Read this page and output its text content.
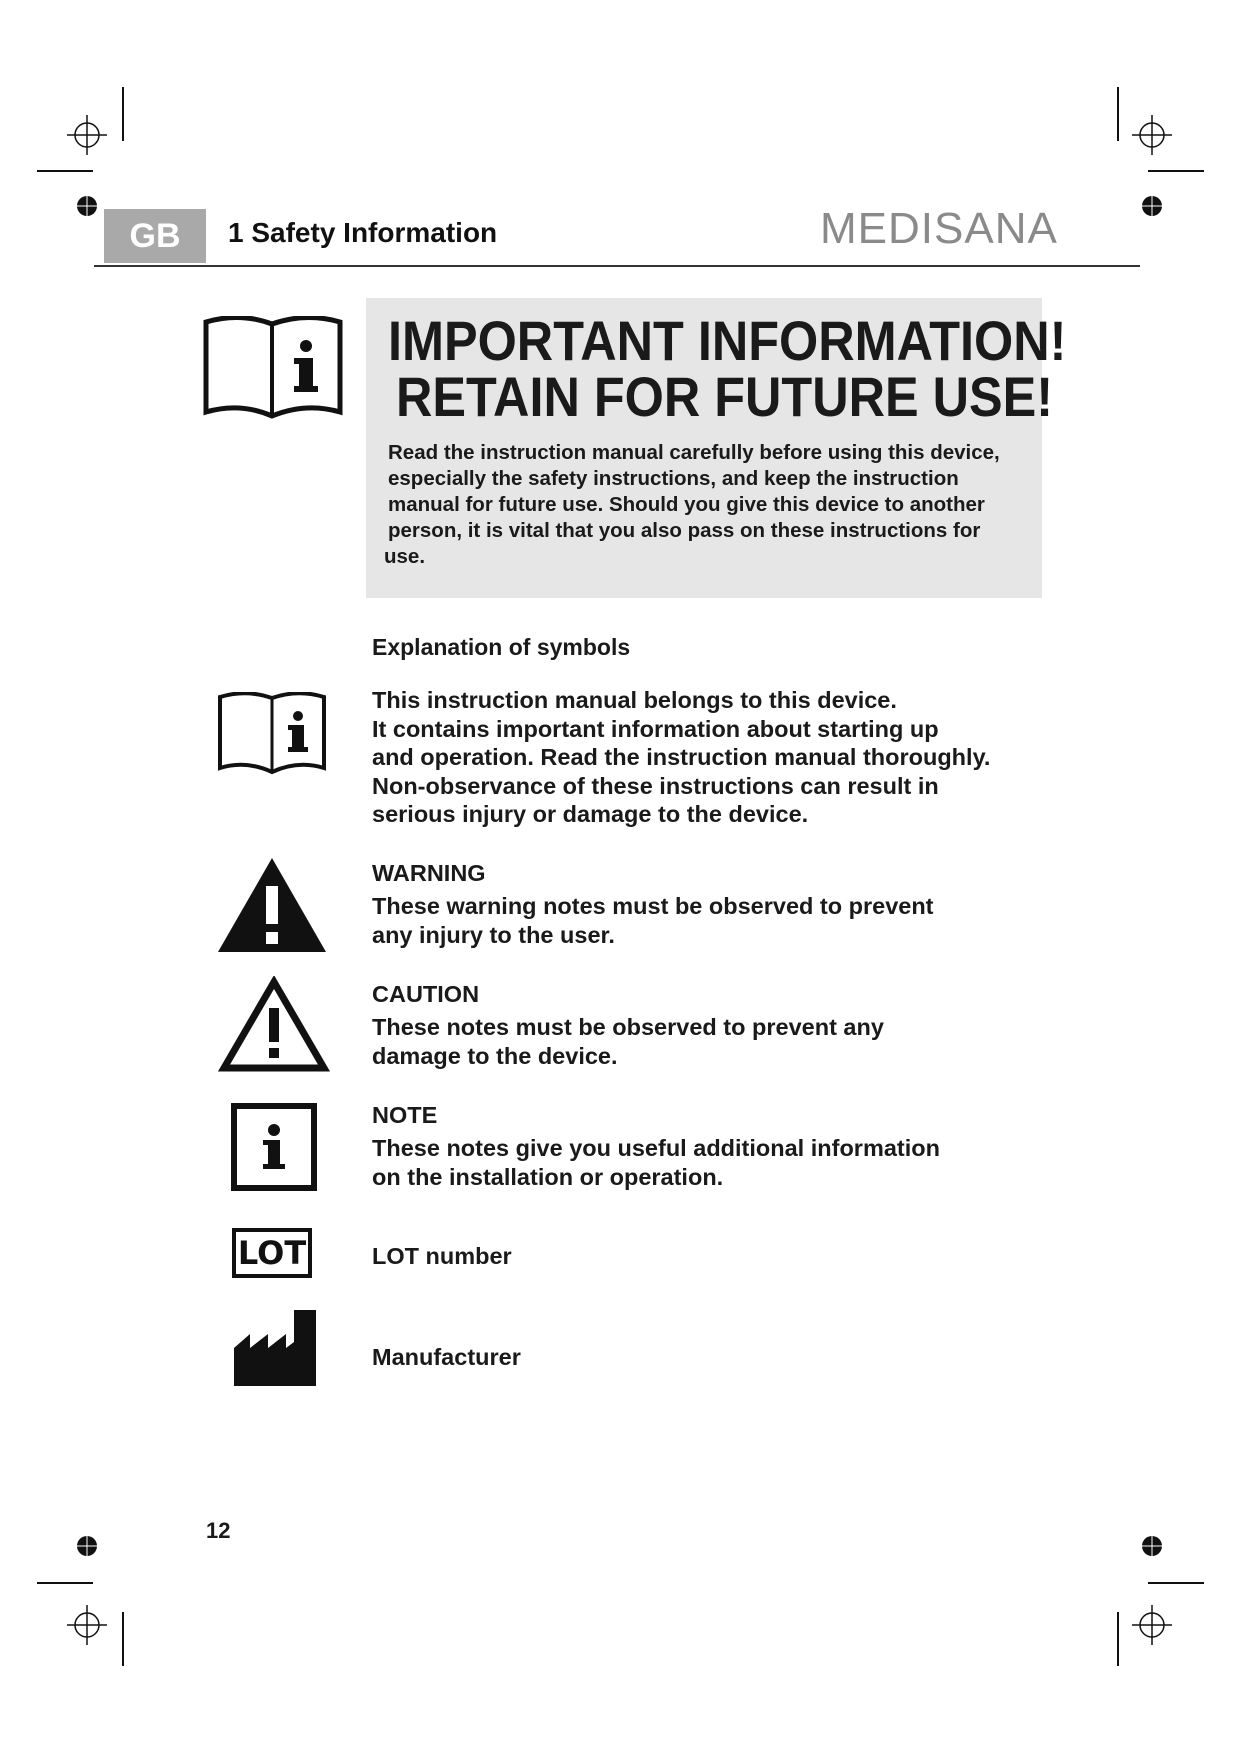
GB	1 Safety Information	MEDISANA
IMPORTANT INFORMATION!
RETAIN FOR FUTURE USE!
Read the instruction manual carefully before using this device,
especially the safety instructions, and keep the instruction
manual for future use. Should you give this device to another
person, it is vital that you also pass on these instructions for
use.
Explanation of symbols
This instruction manual belongs to this device.
It contains important information about starting up
and operation. Read the instruction manual thoroughly.
Non-observance of these instructions can result in
serious injury or damage to the device.
WARNING
These warning notes must be observed to prevent
any injury to the user.
CAUTION
These notes must be observed to prevent any
damage to the device.
NOTE
These notes give you useful additional information
on the installation or operation.
LOT	LOT number
Manufacturer
12
